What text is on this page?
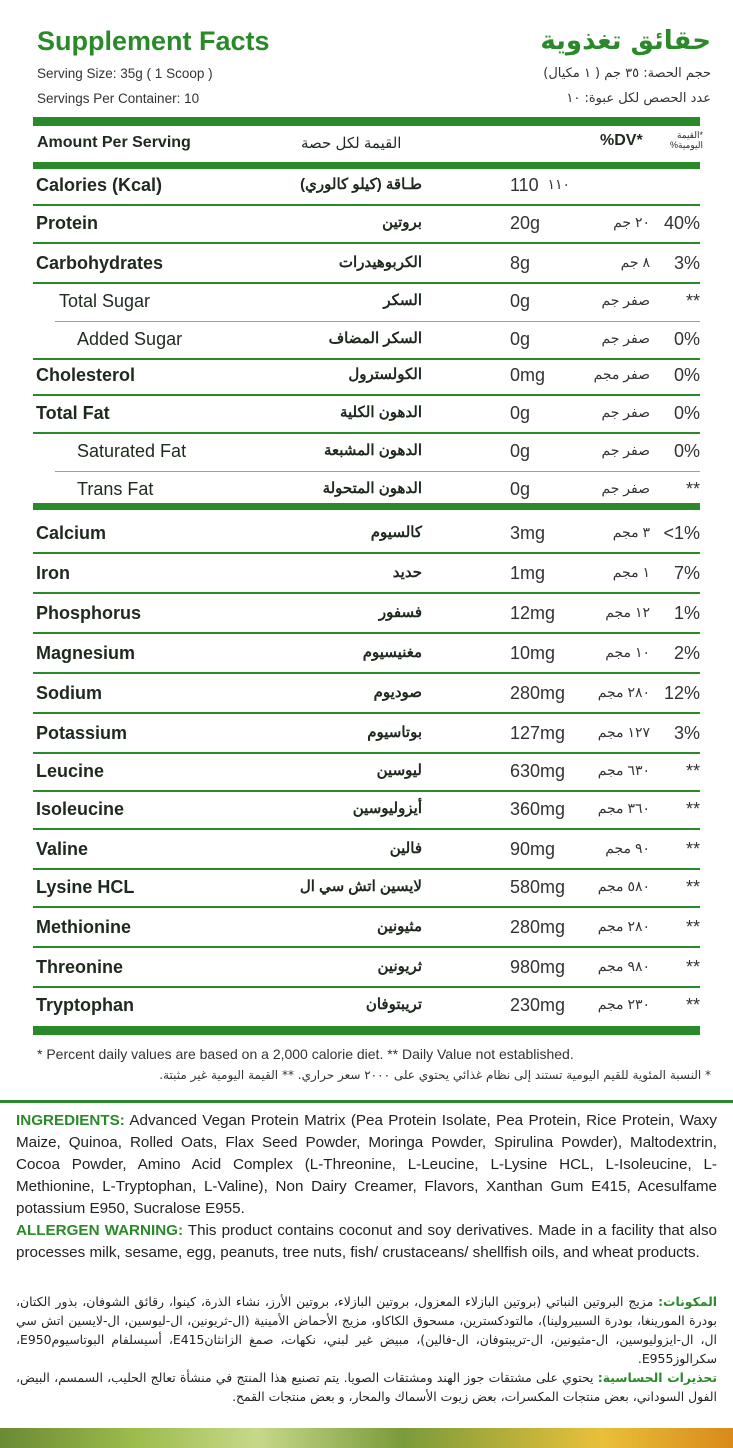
Supplement Facts	حقائق تغذوية
Serving Size: 35g ( 1 Scoop )
Servings Per Container: 10
حجم الحصة: ٣٥ جم ( ١ مكيال)
عدد الحصص لكل عبوة: ١٠
Amount Per Serving	القيمة لكل حصة	%DV*	*القيمة اليومية%
Calories (Kcal)	طـاقة (كيلو كالوري)	110 ١١٠
Protein	بروتين	20g	٢٠ جم 40%
Carbohydrates	الكربوهيدرات	8g	٨ جم 3%
Total Sugar	السكر	0g	صفر جم **
Added Sugar	السكر المضاف	0g	صفر جم 0%
Cholesterol	الكولسترول	0mg	صفر مجم 0%
Total Fat	الدهون الكلية	0g	صفر جم 0%
Saturated Fat	الدهون المشبعة	0g	صفر جم 0%
Trans Fat	الدهون المتحولة	0g	صفر جم **
Calcium	كالسيوم	3mg	٣ مجم <1%
Iron	حديد	1mg	١ مجم 7%
Phosphorus	فسفور	12mg	١٢ مجم 1%
Magnesium	مغنيسيوم	10mg	١٠ مجم 2%
Sodium	صوديوم	280mg	٢٨٠ مجم 12%
Potassium	بوتاسيوم	127mg	١٢٧ مجم 3%
Leucine	ليوسين	630mg	٦٣٠ مجم **
Isoleucine	أيزوليوسين	360mg	٣٦٠ مجم **
Valine	فالين	90mg	٩٠ مجم **
Lysine HCL	لايسين اتش سي ال	580mg	٥٨٠ مجم **
Methionine	مثيونين	280mg	٢٨٠ مجم **
Threonine	ثريونين	980mg	٩٨٠ مجم **
Tryptophan	تريبتوفان	230mg	٢٣٠ مجم **
* Percent daily values are based on a 2,000 calorie diet. ** Daily Value not established.
* النسبة المئوية للقيم اليومية تستند إلى نظام غذائي يحتوي على ٢٠٠٠ سعر حراري. ** القيمة اليومية غير مثبتة.
INGREDIENTS: Advanced Vegan Protein Matrix (Pea Protein Isolate, Pea Protein, Rice Protein, Waxy Maize, Quinoa, Rolled Oats, Flax Seed Powder, Moringa Powder, Spirulina Powder), Maltodextrin, Cocoa Powder, Amino Acid Complex (L-Threonine, L-Leucine, L-Lysine HCL, L-Isoleucine, L-Methionine, L-Tryptophan, L-Valine), Non Dairy Creamer, Flavors, Xanthan Gum E415, Acesulfame potassium E950, Sucralose E955.
ALLERGEN WARNING: This product contains coconut and soy derivatives. Made in a facility that also processes milk, sesame, egg, peanuts, tree nuts, fish/ crustaceans/ shellfish oils, and wheat products.
المكونات: مزيج البروتين النباتي (بروتين البازلاء المعزول، بروتين البازلاء، بروتين الأرز، نشاء الذرة، كينوا، رقائق الشوفان، بذور الكتان، بودرة المورينغا، بودرة السبيرولينا)، مالتودكسترين، مسحوق الكاكاو، مزيج الأحماض الأمينية (ال-ثريونين، ال-ليوسين، ال-لايسين اتش سي ال، ال-ايزوليوسين، ال-مثيونين، ال-تريبتوفان، ال-فالين)، مبيض غير لبني، نكهات، صمغ الزانثانE415، أسيسلفام البوتاسيومE950، سكرالوزE955.
تحذيرات الحساسية: يحتوي على مشتقات جوز الهند ومشتقات الصويا. يتم تصنيع هذا المنتج في منشأة تعالج الحليب، السمسم، البيض، الفول السوداني، بعض منتجات المكسرات، بعض زيوت الأسماك والمحار، و بعض منتجات القمح.
